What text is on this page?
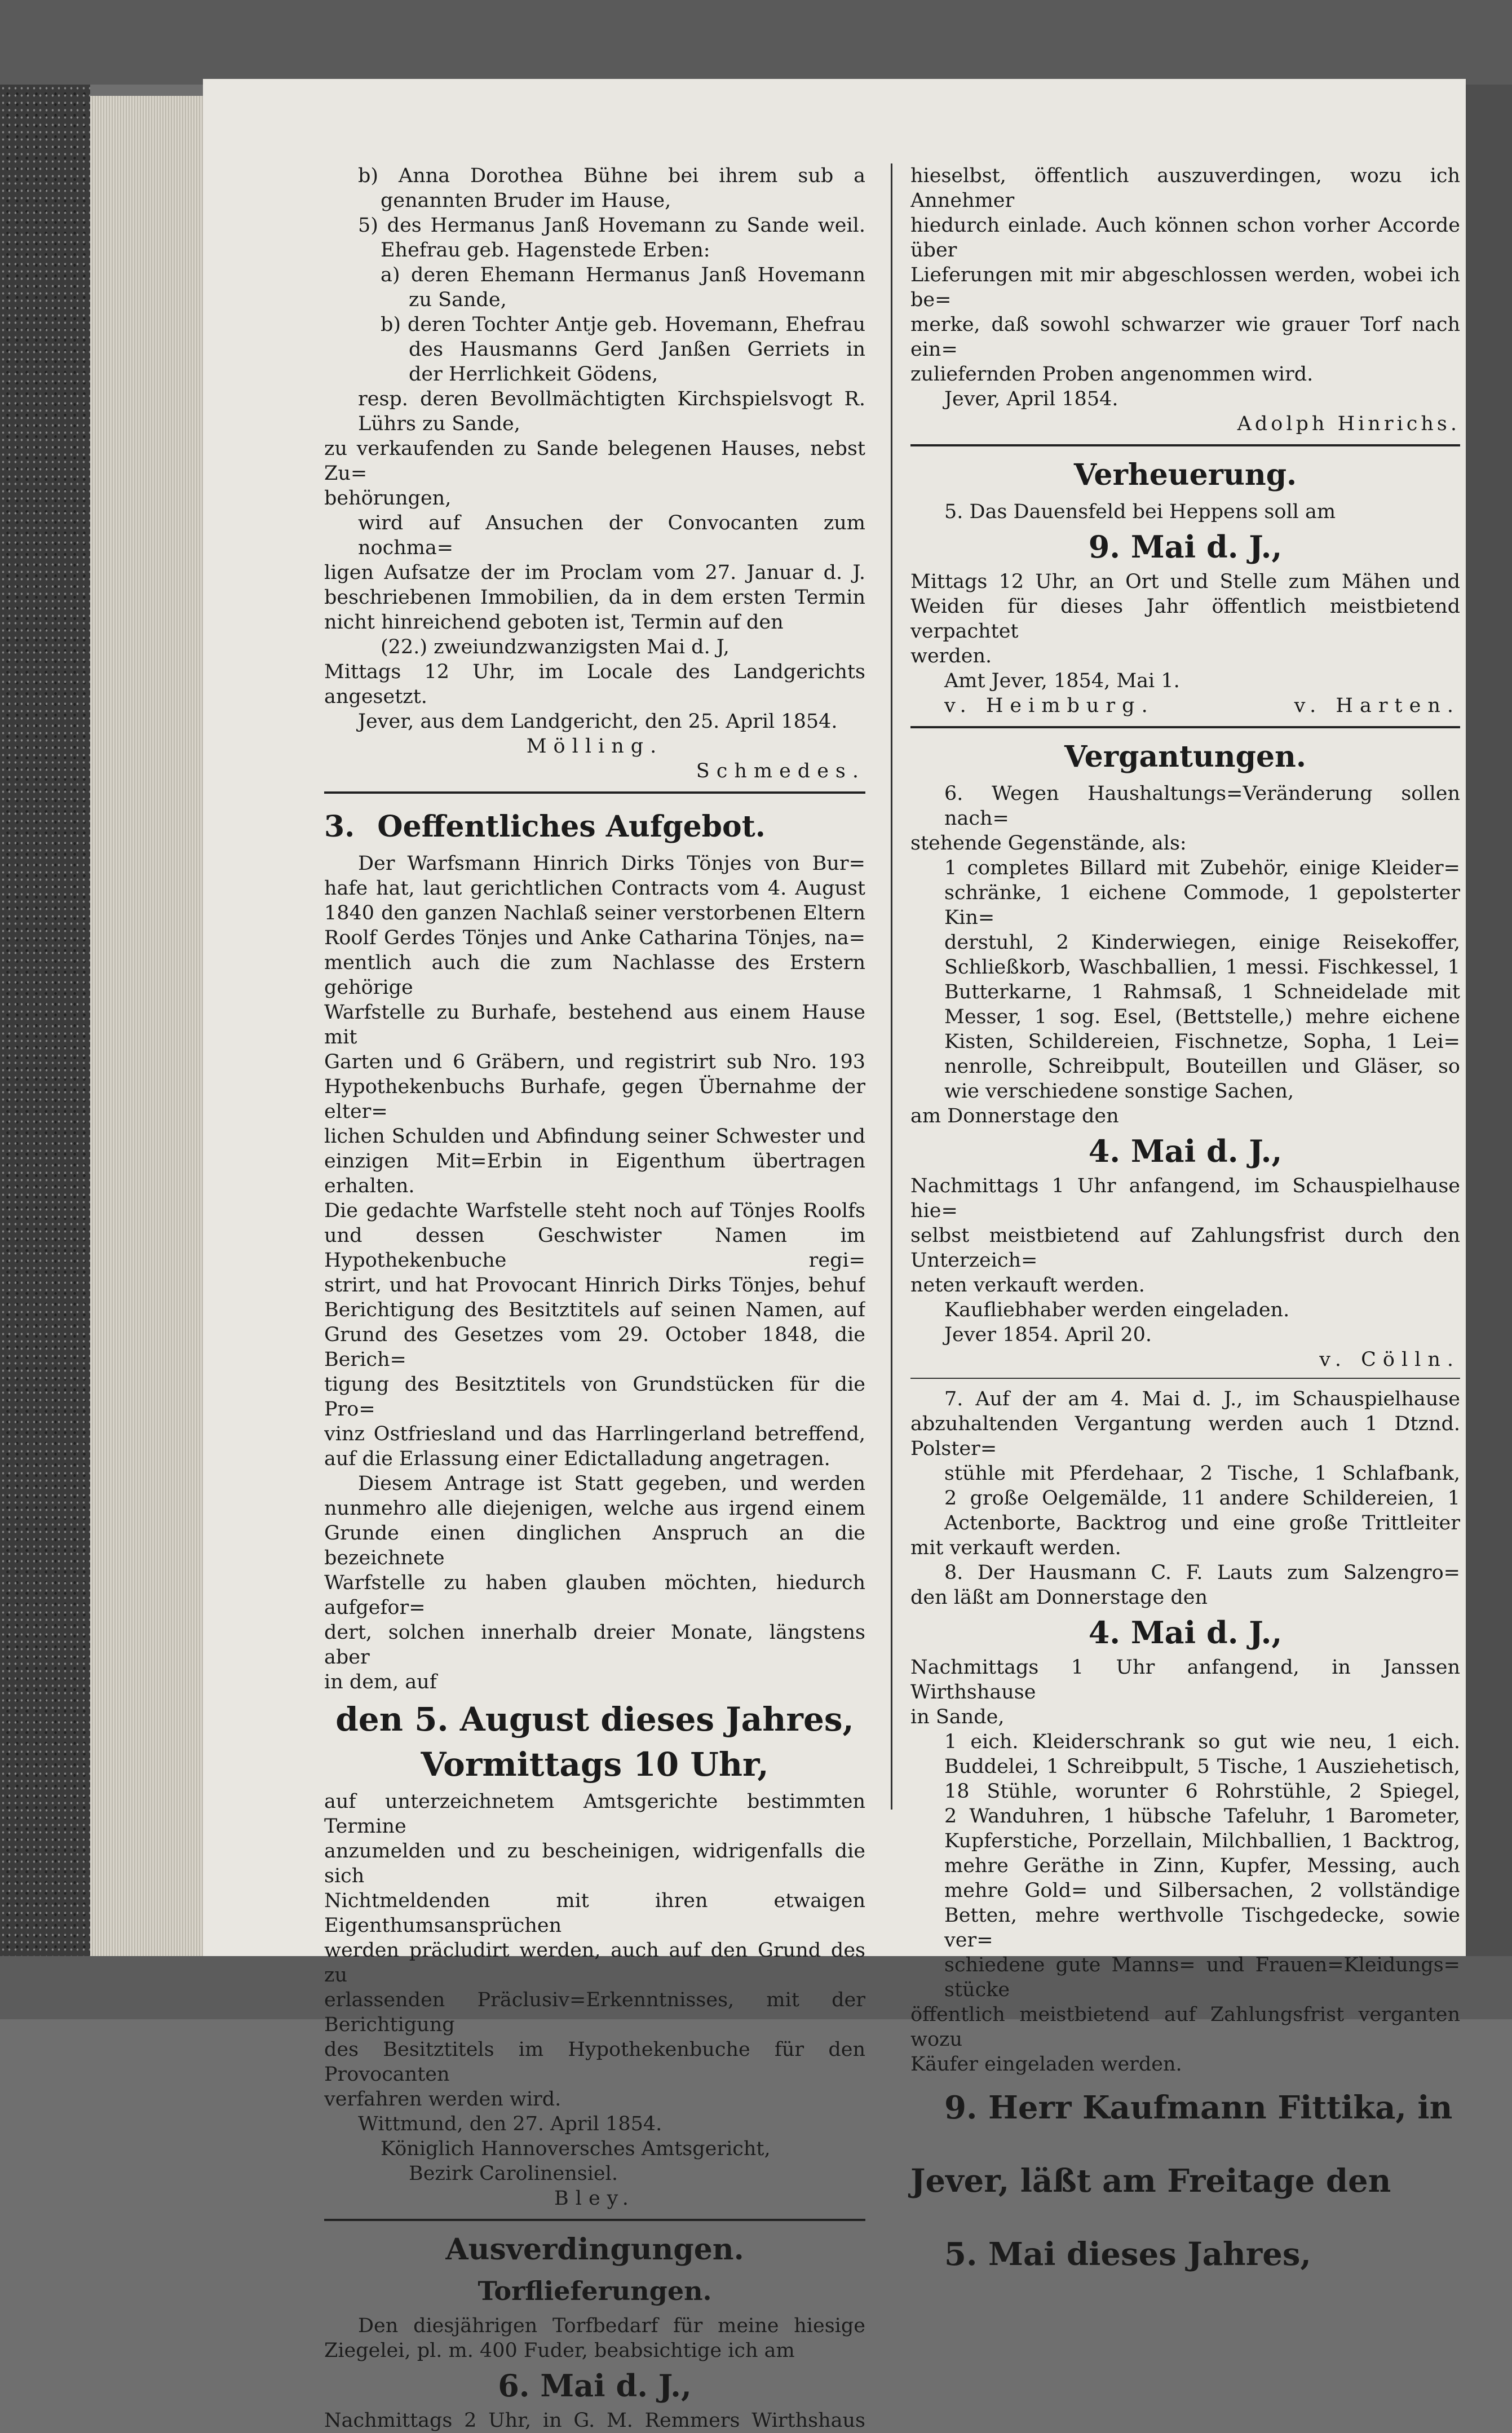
b) Anna Dorothea Bühne bei ihrem sub a

genannten Bruder im Hause,

5) des Hermanus Janß Hovemann zu Sande weil.

Ehefrau geb. Hagenstede Erben:

a) deren Ehemann Hermanus Janß Hovemann

zu Sande,

b) deren Tochter Antje geb. Hovemann, Ehefrau

des Hausmanns Gerd Janßen Gerriets in

der Herrlichkeit Gödens,

resp. deren Bevollmächtigten Kirchspielsvogt R.

Lührs zu Sande,

zu verkaufenden zu Sande belegenen Hauses, nebst Zu=

behörungen,

wird auf Ansuchen der Convocanten zum nochma=

ligen Aufsatze der im Proclam vom 27. Januar d. J.

beschriebenen Immobilien, da in dem ersten Termin

nicht hinreichend geboten ist, Termin auf den

(22.) zweiundzwanzigsten Mai d. J,

Mittags 12 Uhr, im Locale des Landgerichts angesetzt.

Jever, aus dem Landgericht, den 25. April 1854.

Mölling.

Schmedes.

3. Oeffentliches Aufgebot.

Der Warfsmann Hinrich Dirks Tönjes von Bur=

hafe hat, laut gerichtlichen Contracts vom 4. August

1840 den ganzen Nachlaß seiner verstorbenen Eltern

Roolf Gerdes Tönjes und Anke Catharina Tönjes, na=

mentlich auch die zum Nachlasse des Erstern gehörige

Warfstelle zu Burhafe, bestehend aus einem Hause mit

Garten und 6 Gräbern, und registrirt sub Nro. 193

Hypothekenbuchs Burhafe, gegen Übernahme der elter=

lichen Schulden und Abfindung seiner Schwester und

einzigen Mit=Erbin in Eigenthum übertragen erhalten.

Die gedachte Warfstelle steht noch auf Tönjes Roolfs

und dessen Geschwister Namen im Hypothekenbuche regi=

strirt, und hat Provocant Hinrich Dirks Tönjes, behuf

Berichtigung des Besitztitels auf seinen Namen, auf

Grund des Gesetzes vom 29. October 1848, die Berich=

tigung des Besitztitels von Grundstücken für die Pro=

vinz Ostfriesland und das Harrlingerland betreffend,

auf die Erlassung einer Edictalladung angetragen.

Diesem Antrage ist Statt gegeben, und werden

nunmehro alle diejenigen, welche aus irgend einem

Grunde einen dinglichen Anspruch an die bezeichnete

Warfstelle zu haben glauben möchten, hiedurch aufgefor=

dert, solchen innerhalb dreier Monate, längstens aber

in dem, auf

den 5. August dieses Jahres,

Vormittags 10 Uhr,

auf unterzeichnetem Amtsgerichte bestimmten Termine

anzumelden und zu bescheinigen, widrigenfalls die sich

Nichtmeldenden mit ihren etwaigen Eigenthumsansprüchen

werden präcludirt werden, auch auf den Grund des zu

erlassenden Präclusiv=Erkenntnisses, mit der Berichtigung

des Besitztitels im Hypothekenbuche für den Provocanten

verfahren werden wird.

Wittmund, den 27. April 1854.

Königlich Hannoversches Amtsgericht,

Bezirk Carolinensiel.

Bley.

Ausverdingungen.

Torflieferungen.

Den diesjährigen Torfbedarf für meine hiesige

Ziegelei, pl. m. 400 Fuder, beabsichtige ich am

6. Mai d. J.,

Nachmittags 2 Uhr, in G. M. Remmers Wirthshaus

hieselbst, öffentlich auszuverdingen, wozu ich Annehmer

hiedurch einlade. Auch können schon vorher Accorde über

Lieferungen mit mir abgeschlossen werden, wobei ich be=

merke, daß sowohl schwarzer wie grauer Torf nach ein=

zuliefernden Proben angenommen wird.

Jever, April 1854.

Adolph Hinrichs.

Verheuerung.

5. Das Dauensfeld bei Heppens soll am

9. Mai d. J.,

Mittags 12 Uhr, an Ort und Stelle zum Mähen und

Weiden für dieses Jahr öffentlich meistbietend verpachtet

werden.

Amt Jever, 1854, Mai 1.

v. Heimburg.	v. Harten.

Vergantungen.

6. Wegen Haushaltungs=Veränderung sollen nach=

stehende Gegenstände, als:

1 completes Billard mit Zubehör, einige Kleider=

schränke, 1 eichene Commode, 1 gepolsterter Kin=

derstuhl, 2 Kinderwiegen, einige Reisekoffer,

Schließkorb, Waschballien, 1 messi. Fischkessel, 1

Butterkarne, 1 Rahmsaß, 1 Schneidelade mit

Messer, 1 sog. Esel, (Bettstelle,) mehre eichene

Kisten, Schildereien, Fischnetze, Sopha, 1 Lei=

nenrolle, Schreibpult, Bouteillen und Gläser, so

wie verschiedene sonstige Sachen,

am Donnerstage den

4. Mai d. J.,

Nachmittags 1 Uhr anfangend, im Schauspielhause hie=

selbst meistbietend auf Zahlungsfrist durch den Unterzeich=

neten verkauft werden.

Kaufliebhaber werden eingeladen.

Jever 1854. April 20.

v. Cölln.

7. Auf der am 4. Mai d. J., im Schauspielhause

abzuhaltenden Vergantung werden auch 1 Dtznd. Polster=

stühle mit Pferdehaar, 2 Tische, 1 Schlafbank,

2 große Oelgemälde, 11 andere Schildereien, 1

Actenborte, Backtrog und eine große Trittleiter

mit verkauft werden.

8. Der Hausmann C. F. Lauts zum Salzengro=

den läßt am Donnerstage den

4. Mai d. J.,

Nachmittags 1 Uhr anfangend, in Janssen Wirthshause

in Sande,

1 eich. Kleiderschrank so gut wie neu, 1 eich.

Buddelei, 1 Schreibpult, 5 Tische, 1 Ausziehetisch,

18 Stühle, worunter 6 Rohrstühle, 2 Spiegel,

2 Wanduhren, 1 hübsche Tafeluhr, 1 Barometer,

Kupferstiche, Porzellain, Milchballien, 1 Backtrog,

mehre Geräthe in Zinn, Kupfer, Messing, auch

mehre Gold= und Silbersachen, 2 vollständige

Betten, mehre werthvolle Tischgedecke, sowie ver=

schiedene gute Manns= und Frauen=Kleidungs=

stücke

öffentlich meistbietend auf Zahlungsfrist verganten wozu

Käufer eingeladen werden.

9. Herr Kaufmann Fittika, in

Jever, läßt am Freitage den

5. Mai dieses Jahres,
